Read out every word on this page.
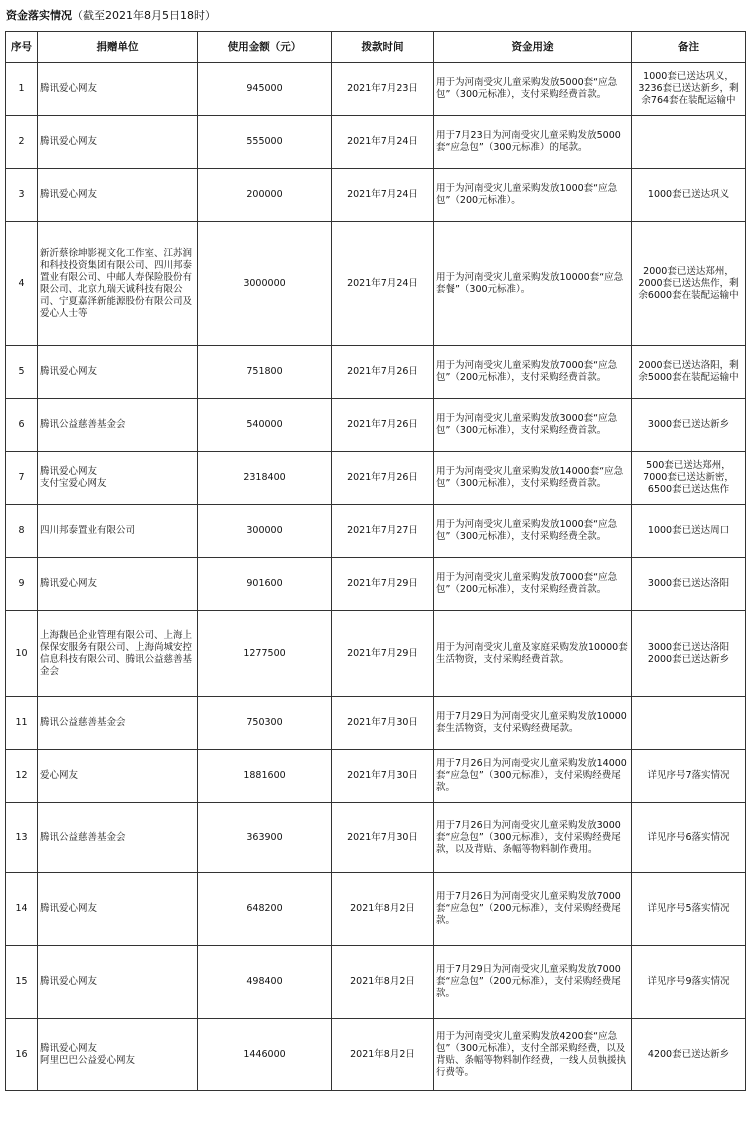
资金落实情况（截至2021年8月5日18时）
序号	捐赠单位	使用金额（元）	拨款时间	资金用途	备注
1	腾讯爱心网友	945000	2021年7月23日	用于为河南受灾儿童采购发放5000套“应急包”（300元标准），支付采购经费首款。	1000套已送达巩义，
3236套已送达新乡，剩余764套在装配运输中

2	腾讯爱心网友	555000	2021年7月24日	用于7月23日为河南受灾儿童采购发放5000套“应急包”（300元标准）的尾款。	

3	腾讯爱心网友	200000	2021年7月24日	用于为河南受灾儿童采购发放1000套“应急包”（200元标准）。	1000套已送达巩义

4	新沂蔡徐坤影视文化工作室、江苏润和科技投资集团有限公司、四川邦泰置业有限公司、中邮人寿保险股份有限公司、北京九瑞天诚科技有限公司、宁夏嘉泽新能源股份有限公司及爱心人士等	3000000	2021年7月24日	用于为河南受灾儿童采购发放10000套“应急套餐”（300元标准）。	2000套已送达郑州，
2000套已送达焦作，剩余6000套在装配运输中

5	腾讯爱心网友	751800	2021年7月26日	用于为河南受灾儿童采购发放7000套“应急包”（200元标准），支付采购经费首款。	2000套已送达洛阳，剩余5000套在装配运输中

6	腾讯公益慈善基金会	540000	2021年7月26日	用于为河南受灾儿童采购发放3000套“应急包”（300元标准），支付采购经费首款。	3000套已送达新乡

7	腾讯爱心网友
支付宝爱心网友	2318400	2021年7月26日	用于为河南受灾儿童采购发放14000套“应急包”（300元标准），支付采购经费首款。	500套已送达郑州，
7000套已送达新密，
6500套已送达焦作

8	四川邦泰置业有限公司	300000	2021年7月27日	用于为河南受灾儿童采购发放1000套“应急包”（300元标准），支付采购经费全款。	1000套已送达周口

9	腾讯爱心网友	901600	2021年7月29日	用于为河南受灾儿童采购发放7000套“应急包”（200元标准），支付采购经费首款。	3000套已送达洛阳

10	上海馥邑企业管理有限公司、上海上保保安服务有限公司、上海尚城安控信息科技有限公司、腾讯公益慈善基金会	1277500	2021年7月29日	用于为河南受灾儿童及家庭采购发放10000套生活物资，支付采购经费首款。	3000套已送达洛阳
2000套已送达新乡

11	腾讯公益慈善基金会	750300	2021年7月30日	用于7月29日为河南受灾儿童采购发放10000套生活物资，支付采购经费尾款。	

12	爱心网友	1881600	2021年7月30日	用于7月26日为河南受灾儿童采购发放14000套“应急包”（300元标准），支付采购经费尾款。	详见序号7落实情况

13	腾讯公益慈善基金会	363900	2021年7月30日	用于7月26日为河南受灾儿童采购发放3000套“应急包”（300元标准），支付采购经费尾款，以及背贴、条幅等物料制作费用。	详见序号6落实情况

14	腾讯爱心网友	648200	2021年8月2日	用于7月26日为河南受灾儿童采购发放7000套“应急包”（200元标准），支付采购经费尾款。	详见序号5落实情况

15	腾讯爱心网友	498400	2021年8月2日	用于7月29日为河南受灾儿童采购发放7000套“应急包”（200元标准），支付采购经费尾款。	详见序号9落实情况

16	腾讯爱心网友
阿里巴巴公益爱心网友	1446000	2021年8月2日	用于为河南受灾儿童采购发放4200套“应急包”（300元标准），支付全部采购经费，以及背贴、条幅等物料制作经费，一线人员執援执行费等。	4200套已送达新乡
